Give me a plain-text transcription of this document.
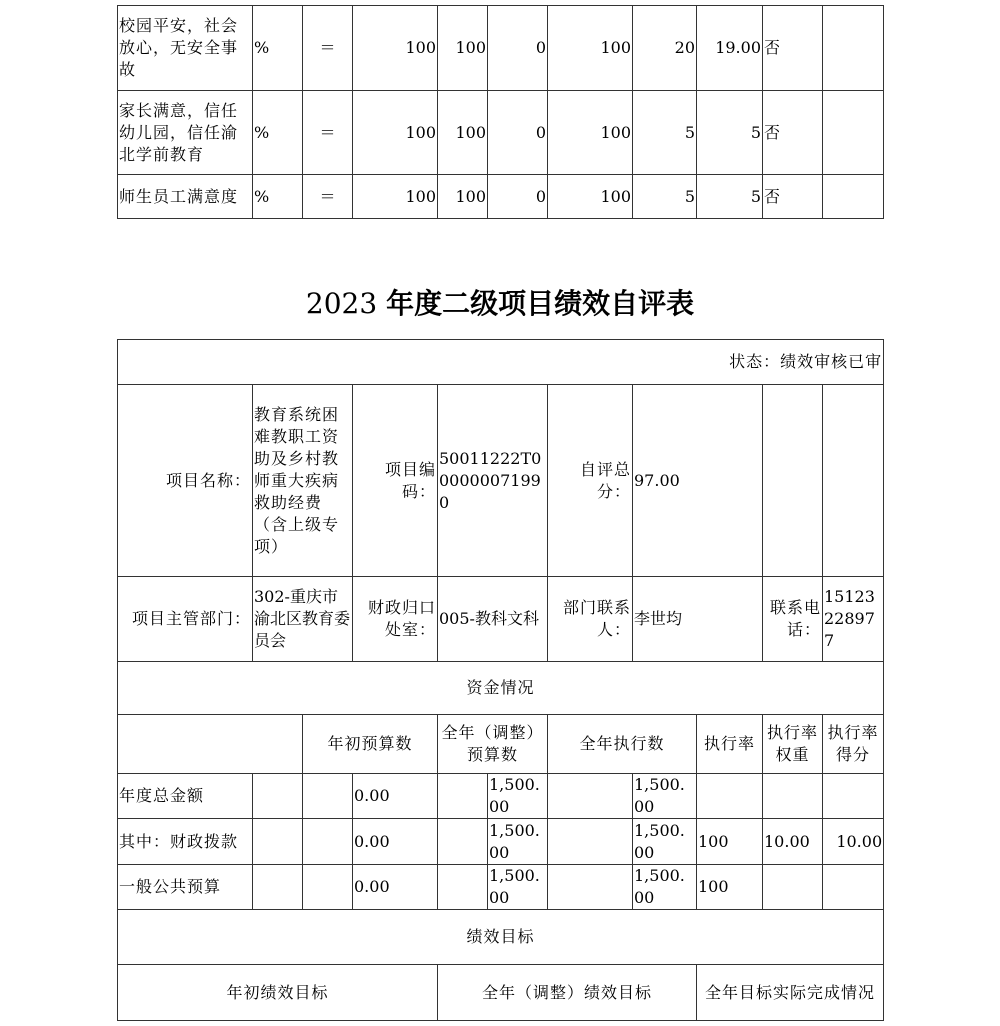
校园平安，社会放心，无安全事故	%	＝	100	100	0	100	20	19.00	否	
家长满意，信任幼儿园，信任渝北学前教育	%	＝	100	100	0	100	5	5	否	
师生员工满意度	%	＝	100	100	0	100	5	5	否	
2023 年度二级项目绩效自评表
状态：绩效审核已审										
项目名称：	教育系统困难教职工资助及乡村教师重大疾病救助经费（含上级专项）		项目编码：	50011222T000000071990		自评总分：	97.00			
项目主管部门：	302-重庆市渝北区教育委员会		财政归口处室：	005-教科文科		部门联系人：	李世均		联系电话：	15123228977
资金情况										
		年初预算数		全年（调整）预算数		全年执行数		执行率	执行率权重	执行率得分
年度总金额			0.00		1,500.00		1,500.00			
其中：财政拨款			0.00		1,500.00		1,500.00	100	10.00	10.00
一般公共预算			0.00		1,500.00		1,500.00	100		
绩效目标										
年初绩效目标				全年（调整）绩效目标				全年目标实际完成情况		
